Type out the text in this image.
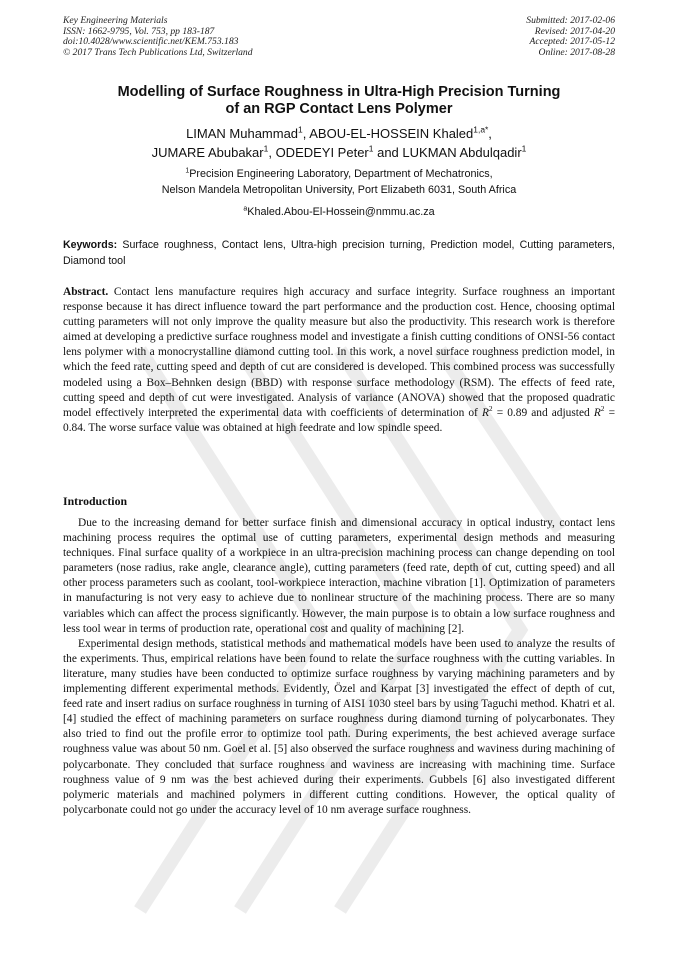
Key Engineering Materials
ISSN: 1662-9795, Vol. 753, pp 183-187
doi:10.4028/www.scientific.net/KEM.753.183
© 2017 Trans Tech Publications Ltd, Switzerland
Submitted: 2017-02-06
Revised: 2017-04-20
Accepted: 2017-05-12
Online: 2017-08-28
Modelling of Surface Roughness in Ultra-High Precision Turning
of an RGP Contact Lens Polymer
LIMAN Muhammad$^1$, ABOU-EL-HOSSEIN Khaled$^{1,a*}$,
JUMARE Abubakar$^1$, ODEDEYI Peter$^1$ and LUKMAN Abdulqadir$^1$
$^1$Precision Engineering Laboratory, Department of Mechatronics,
Nelson Mandela Metropolitan University, Port Elizabeth 6031, South Africa
$^a$Khaled.Abou-El-Hossein@nmmu.ac.za
Keywords: Surface roughness, Contact lens, Ultra-high precision turning, Prediction model, Cutting parameters, Diamond tool
Abstract. Contact lens manufacture requires high accuracy and surface integrity. Surface roughness an important response because it has direct influence toward the part performance and the production cost. Hence, choosing optimal cutting parameters will not only improve the quality measure but also the productivity. This research work is therefore aimed at developing a predictive surface roughness model and investigate a finish cutting conditions of ONSI-56 contact lens polymer with a monocrystalline diamond cutting tool. In this work, a novel surface roughness prediction model, in which the feed rate, cutting speed and depth of cut are considered is developed. This combined process was successfully modeled using a Box–Behnken design (BBD) with response surface methodology (RSM). The effects of feed rate, cutting speed and depth of cut were investigated. Analysis of variance (ANOVA) showed that the proposed quadratic model effectively interpreted the experimental data with coefficients of determination of $R^2 = 0.89$ and adjusted $R^2 = 0.84$. The worse surface value was obtained at high feedrate and low spindle speed.
Introduction

Due to the increasing demand for better surface finish and dimensional accuracy in optical industry, contact lens machining process requires the optimal use of cutting parameters, experimental design methods and measuring techniques. Final surface quality of a workpiece in an ultra-precision machining process can change depending on tool parameters (nose radius, rake angle, clearance angle), cutting parameters (feed rate, depth of cut, cutting speed) and all other process parameters such as coolant, tool-workpiece interaction, machine vibration [1]. Optimization of parameters in manufacturing is not very easy to achieve due to nonlinear structure of the machining process. There are so many variables which can affect the process significantly. However, the main purpose is to obtain a low surface roughness and less tool wear in terms of production rate, operational cost and quality of machining [2].

Experimental design methods, statistical methods and mathematical models have been used to analyze the results of the experiments. Thus, empirical relations have been found to relate the surface roughness with the cutting variables. In literature, many studies have been conducted to optimize surface roughness by varying machining parameters and by implementing different experimental methods. Evidently, Özel and Karpat [3] investigated the effect of depth of cut, feed rate and insert radius on surface roughness in turning of AISI 1030 steel bars by using Taguchi method. Khatri et al. [4] studied the effect of machining parameters on surface roughness during diamond turning of polycarbonates. They also tried to find out the profile error to optimize tool path. During experiments, the best achieved average surface roughness value was about 50 nm. Goel et al. [5] also observed the surface roughness and waviness during machining of polycarbonate. They concluded that surface roughness and waviness are increasing with machining time. Surface roughness value of 9 nm was the best achieved during their experiments. Gubbels [6] also investigated different polymeric materials and machined polymers in different cutting conditions. However, the optical quality of polycarbonate could not go under the accuracy level of 10 nm average surface roughness.
